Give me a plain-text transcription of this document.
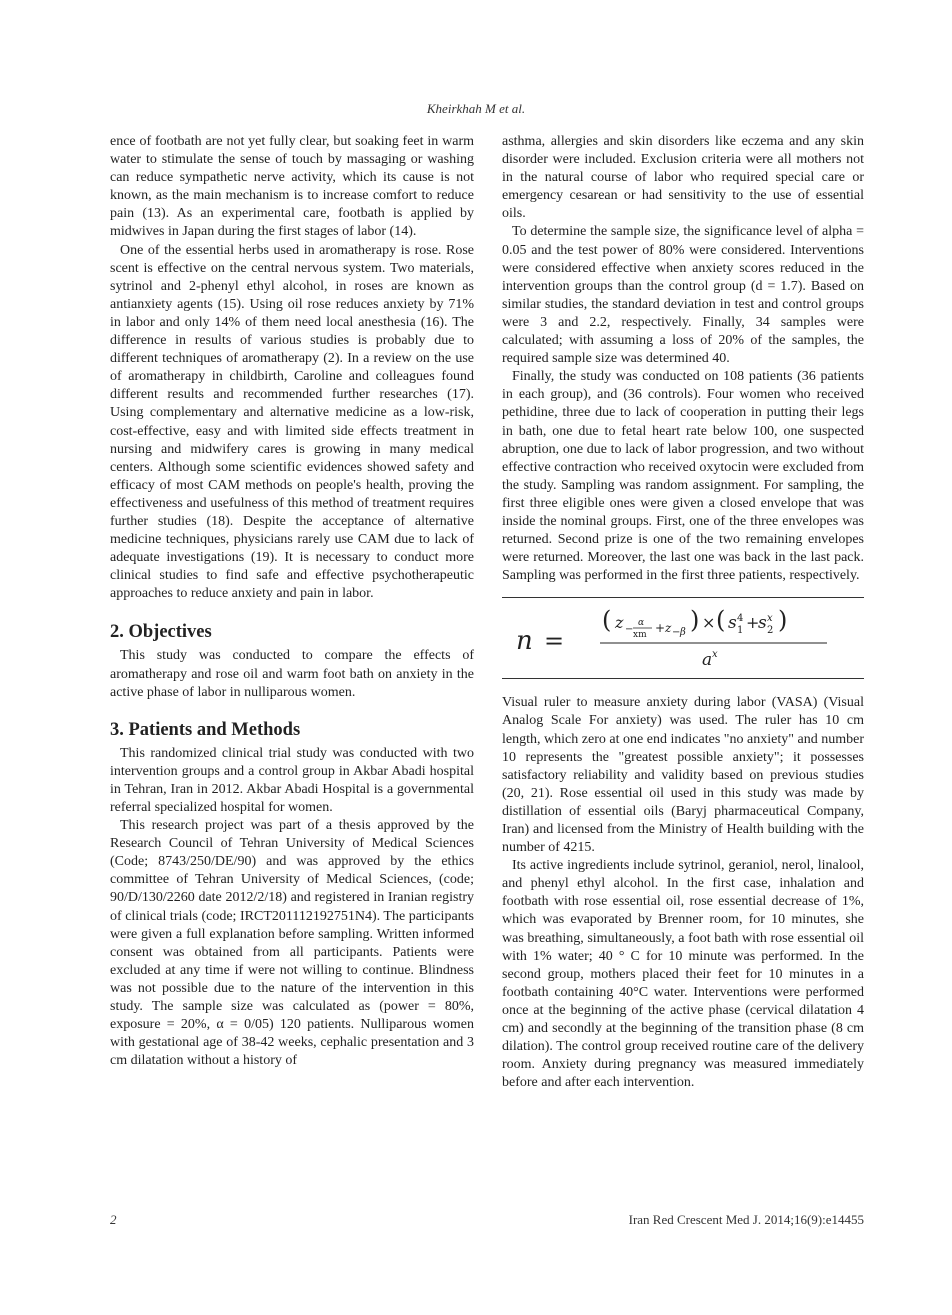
Kheirkhah M et al.

ence of footbath are not yet fully clear, but soaking feet in warm water to stimulate the sense of touch by massaging or washing can reduce sympathetic nerve activity, which its cause is not known, as the main mechanism is to increase comfort to reduce pain (13). As an experimental care, footbath is applied by midwives in Japan during the first stages of labor (14).

One of the essential herbs used in aromatherapy is rose. Rose scent is effective on the central nervous system. Two materials, sytrinol and 2-phenyl ethyl alcohol, in roses are known as antianxiety agents (15). Using oil rose reduces anxiety by 71% in labor and only 14% of them need local anesthesia (16). The difference in results of various studies is probably due to different techniques of aromatherapy (2). In a review on the use of aromatherapy in childbirth, Caroline and colleagues found different results and recommended further researches (17). Using complementary and alternative medicine as a low-risk, cost-effective, easy and with limited side effects treatment in nursing and midwifery cares is growing in many medical centers. Although some scientific evidences showed safety and efficacy of most CAM methods on people's health, proving the effectiveness and usefulness of this method of treatment requires further studies (18). Despite the acceptance of alternative medicine techniques, physicians rarely use CAM due to lack of adequate investigations (19). It is necessary to conduct more clinical studies to find safe and effective psychotherapeutic approaches to reduce anxiety and pain in labor.

2. Objectives

This study was conducted to compare the effects of aromatherapy and rose oil and warm foot bath on anxiety in the active phase of labor in nulliparous women.

3. Patients and Methods

This randomized clinical trial study was conducted with two intervention groups and a control group in Akbar Abadi hospital in Tehran, Iran in 2012. Akbar Abadi Hospital is a governmental referral specialized hospital for women.

This research project was part of a thesis approved by the Research Council of Tehran University of Medical Sciences (Code; 8743/250/DE/90) and was approved by the ethics committee of Tehran University of Medical Sciences, (code; 90/D/130/2260 date 2012/2/18) and registered in Iranian registry of clinical trials (code; IRCT201112192751N4). The participants were given a full explanation before sampling. Written informed consent was obtained from all participants. Patients were excluded at any time if were not willing to continue. Blindness was not possible due to the nature of the intervention in this study. The sample size was calculated as (power = 80%, exposure = 20%, α = 0/05) 120 patients. Nulliparous women with gestational age of 38-42 weeks, cephalic presentation and 3 cm dilatation without a history of

asthma, allergies and skin disorders like eczema and any skin disorder were included. Exclusion criteria were all mothers not in the natural course of labor who required special care or emergency cesarean or had sensitivity to the use of essential oils.

To determine the sample size, the significance level of alpha = 0.05 and the test power of 80% were considered. Interventions were considered effective when anxiety scores reduced in the intervention groups than the control group (d = 1.7). Based on similar studies, the standard deviation in test and control groups were 3 and 2.2, respectively. Finally, 34 samples were calculated; with assuming a loss of 20% of the samples, the required sample size was determined 40.

Finally, the study was conducted on 108 patients (36 patients in each group), and (36 controls). Four women who received pethidine, three due to lack of cooperation in putting their legs in bath, one due to fetal heart rate below 100, one suspected abruption, one due to lack of labor progression, and two without effective contraction who received oxytocin were excluded from the study. Sampling was random assignment. For sampling, the first three eligible ones were given a closed envelope that was inside the nominal groups. First, one of the three envelopes was returned. Second prize is one of the two remaining envelopes were returned. Moreover, the last one was back in the last pack. Sampling was performed in the first three patients, respectively.

n =
( z −
α
xm + z − β ) × ( s 4
1 +
s x
2 )
a x

Visual ruler to measure anxiety during labor (VASA) (Visual Analog Scale For anxiety) was used. The ruler has 10 cm length, which zero at one end indicates "no anxiety" and number 10 represents the "greatest possible anxiety"; it possesses satisfactory reliability and validity based on previous studies (20, 21). Rose essential oil used in this study was made by distillation of essential oils (Baryj pharmaceutical Company, Iran) and licensed from the Ministry of Health building with the number of 4215.

Its active ingredients include sytrinol, geraniol, nerol, linalool, and phenyl ethyl alcohol. In the first case, inhalation and footbath with rose essential oil, rose essential decrease of 1%, which was evaporated by Brenner room, for 10 minutes, she was breathing, simultaneously, a foot bath with rose essential oil with 1% water; 40 ° C for 10 minute was performed. In the second group, mothers placed their feet for 10 minutes in a footbath containing 40°C water. Interventions were performed once at the beginning of the active phase (cervical dilatation 4 cm) and secondly at the beginning of the transition phase (8 cm dilation). The control group received routine care of the delivery room. Anxiety during pregnancy was measured immediately before and after each intervention.

2	Iran Red Crescent Med J. 2014;16(9):e14455
